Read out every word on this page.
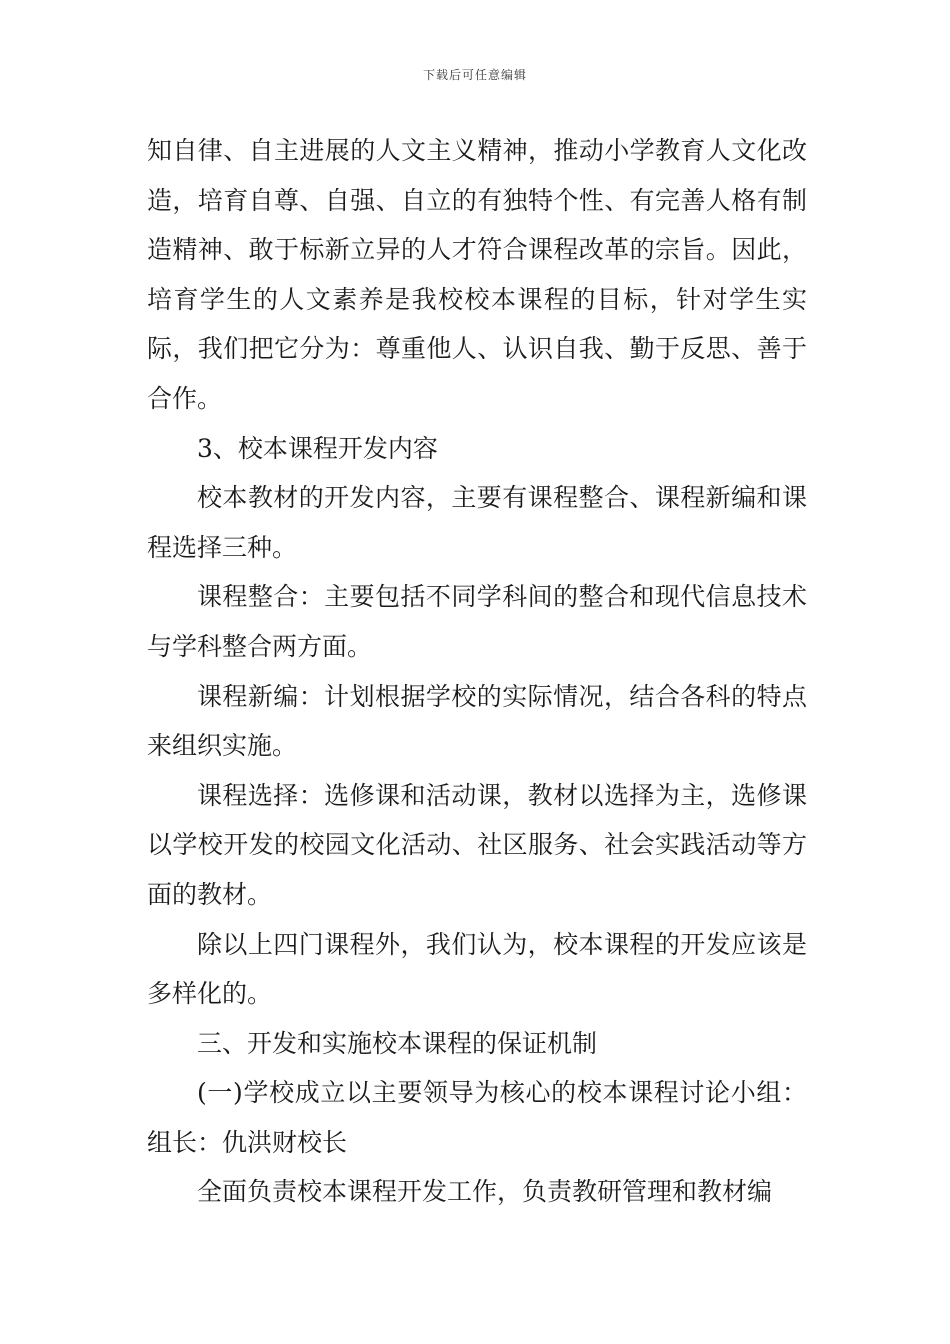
下载后可任意编辑

知自律、自主进展的人文主义精神，推动小学教育人文化改造，培育自尊、自强、自立的有独特个性、有完善人格有制造精神、敢于标新立异的人才符合课程改革的宗旨。因此，培育学生的人文素养是我校校本课程的目标，针对学生实际，我们把它分为：尊重他人、认识自我、勤于反思、善于合作。

3、校本课程开发内容

校本教材的开发内容，主要有课程整合、课程新编和课程选择三种。

课程整合：主要包括不同学科间的整合和现代信息技术与学科整合两方面。

课程新编：计划根据学校的实际情况，结合各科的特点来组织实施。

课程选择：选修课和活动课，教材以选择为主，选修课以学校开发的校园文化活动、社区服务、社会实践活动等方面的教材。

除以上四门课程外，我们认为，校本课程的开发应该是多样化的。

三、开发和实施校本课程的保证机制

(一)学校成立以主要领导为核心的校本课程讨论小组：组长：仇洪财校长

全面负责校本课程开发工作，负责教研管理和教材编
